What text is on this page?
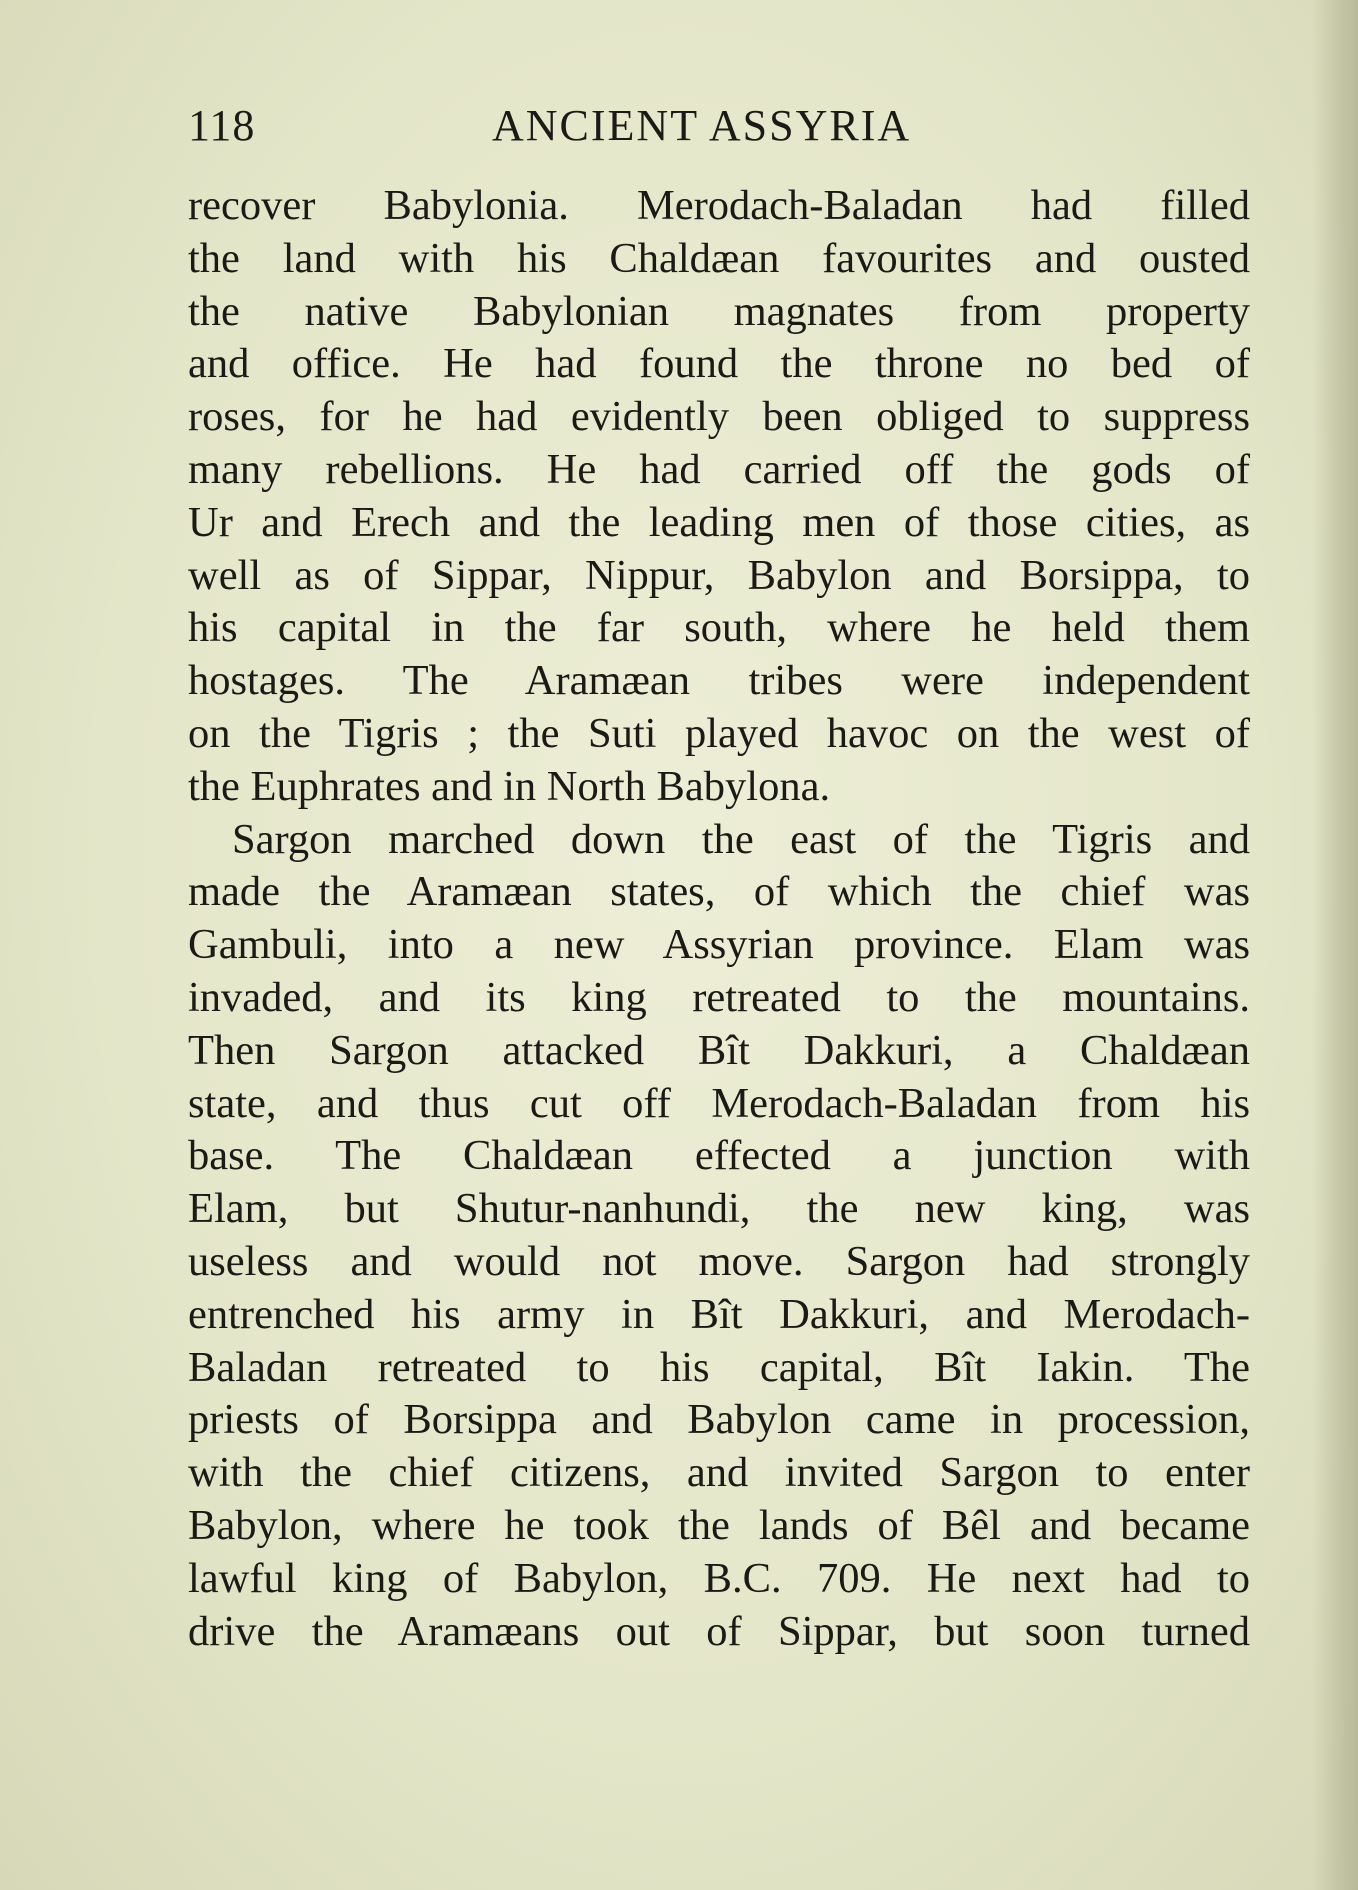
118	ANCIENT ASSYRIA
recover Babylonia. Merodach-Baladan had filled
the land with his Chaldæan favourites and ousted
the native Babylonian magnates from property
and office. He had found the throne no bed of
roses, for he had evidently been obliged to suppress
many rebellions. He had carried off the gods of
Ur and Erech and the leading men of those cities, as
well as of Sippar, Nippur, Babylon and Borsippa, to
his capital in the far south, where he held them
hostages. The Aramæan tribes were independent
on the Tigris ; the Suti played havoc on the west of
the Euphrates and in North Babylona.
Sargon marched down the east of the Tigris and
made the Aramæan states, of which the chief was
Gambuli, into a new Assyrian province. Elam was
invaded, and its king retreated to the mountains.
Then Sargon attacked Bît Dakkuri, a Chaldæan
state, and thus cut off Merodach-Baladan from his
base. The Chaldæan effected a junction with
Elam, but Shutur-nanhundi, the new king, was
useless and would not move. Sargon had strongly
entrenched his army in Bît Dakkuri, and Merodach-
Baladan retreated to his capital, Bît Iakin. The
priests of Borsippa and Babylon came in procession,
with the chief citizens, and invited Sargon to enter
Babylon, where he took the lands of Bêl and became
lawful king of Babylon, B.C. 709. He next had to
drive the Aramæans out of Sippar, but soon turned
